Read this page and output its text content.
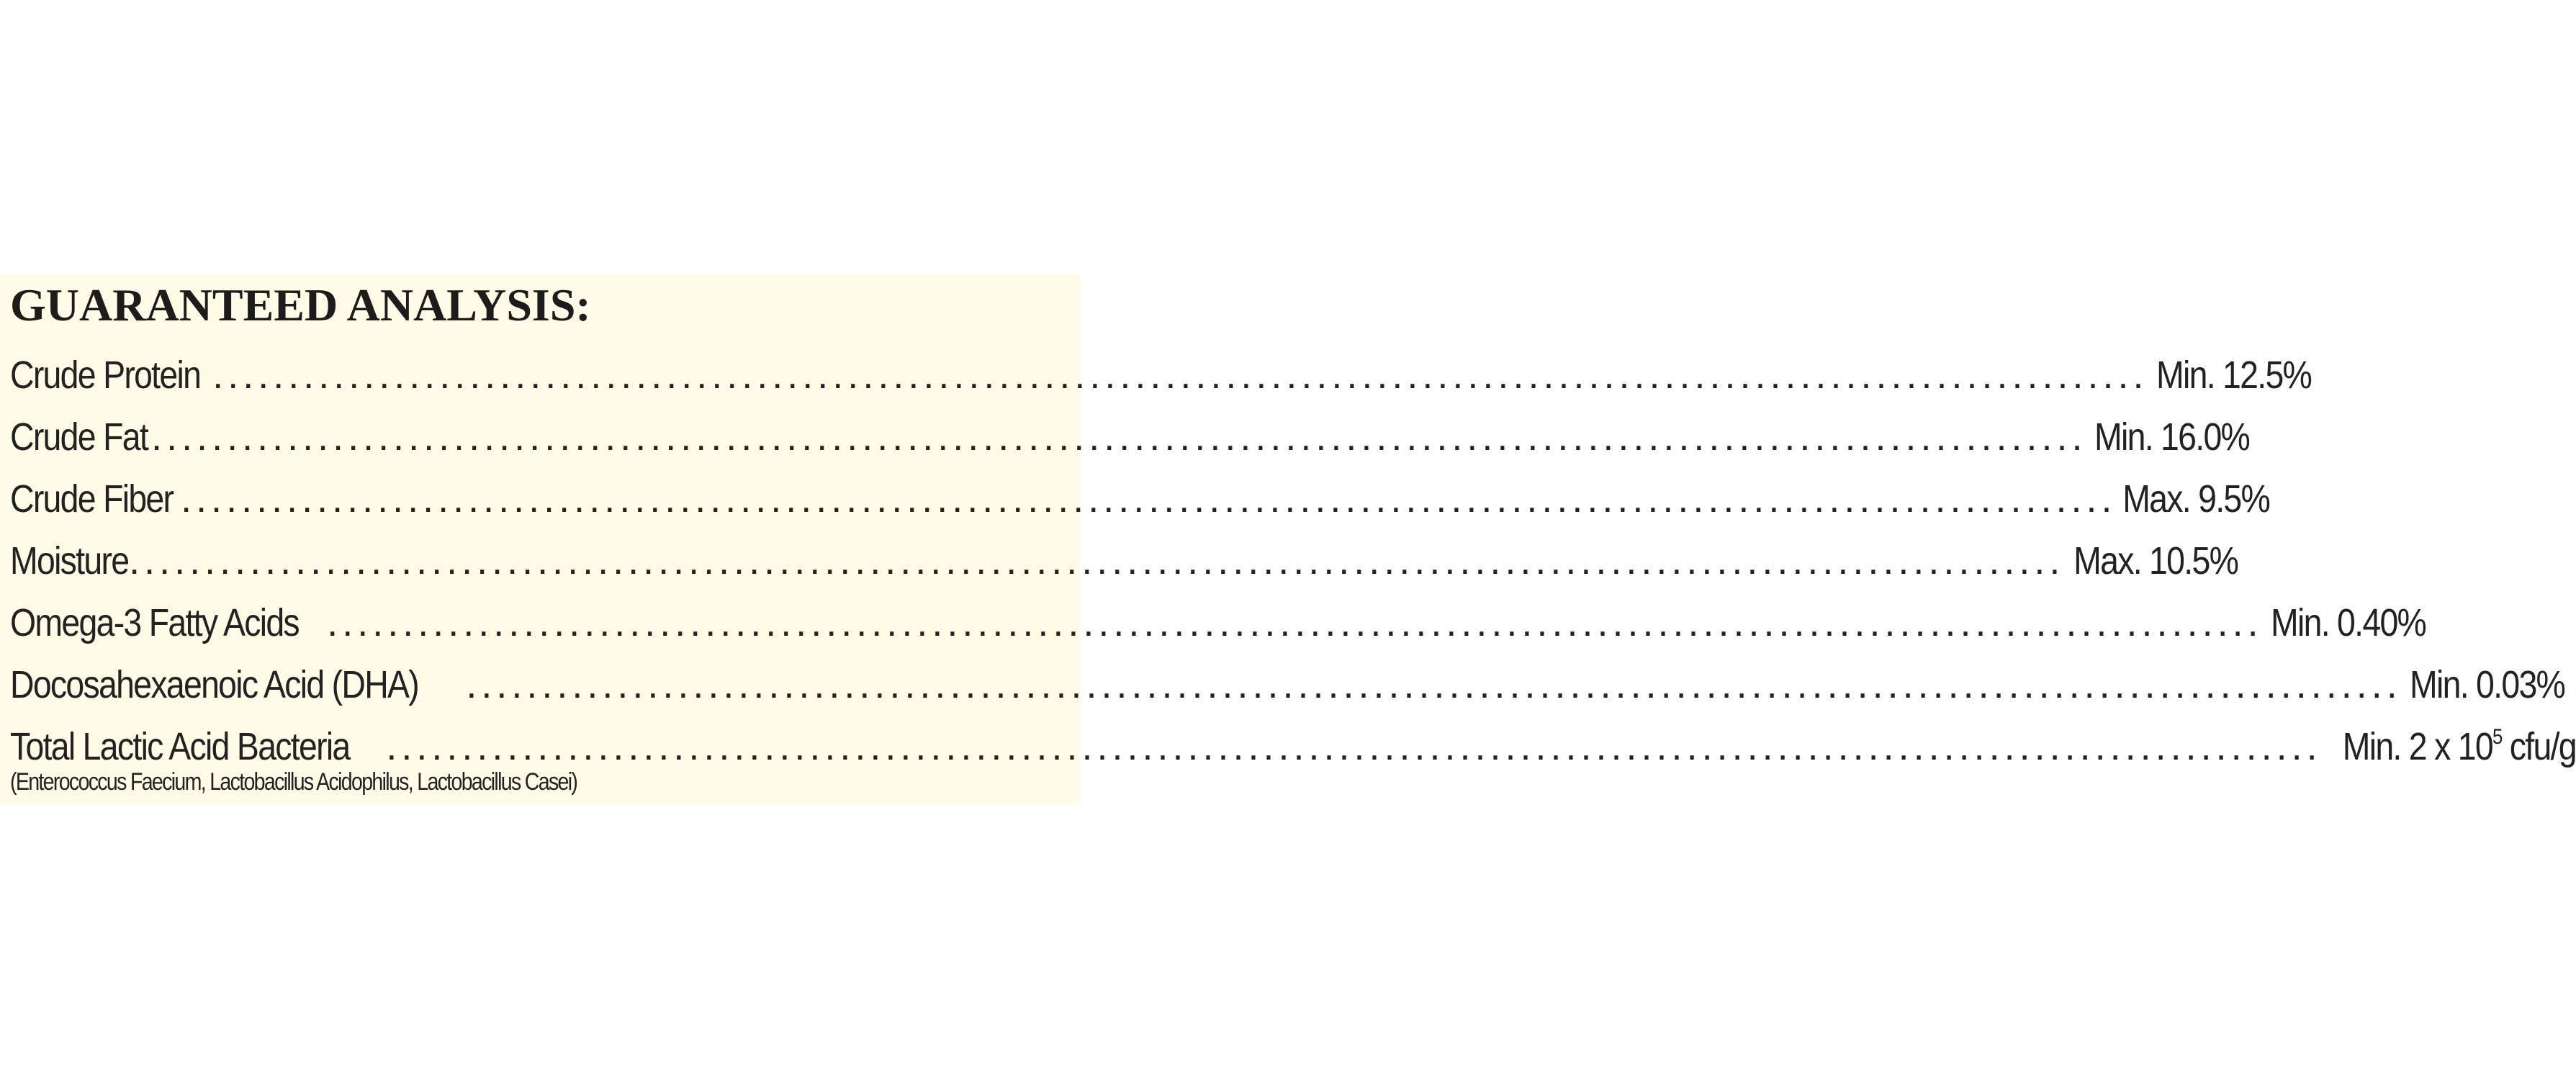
GUARANTEED ANALYSIS:
Crude Protein ................................................................................................................................ Min. 12.5%
Crude Fat ................................................................................................................................ Min. 16.0%
Crude Fiber ................................................................................................................................ Max. 9.5%
Moisture ................................................................................................................................ Max. 10.5%
Omega-3 Fatty Acids ................................................................................................................................ Min. 0.40%
Docosahexaenoic Acid (DHA) ................................................................................................................................ Min. 0.03%
Total Lactic Acid Bacteria ................................................................................................................................ Min. 2 x $10^5$ cfu/g
(Enterococcus Faecium, Lactobacillus Acidophilus, Lactobacillus Casei)
